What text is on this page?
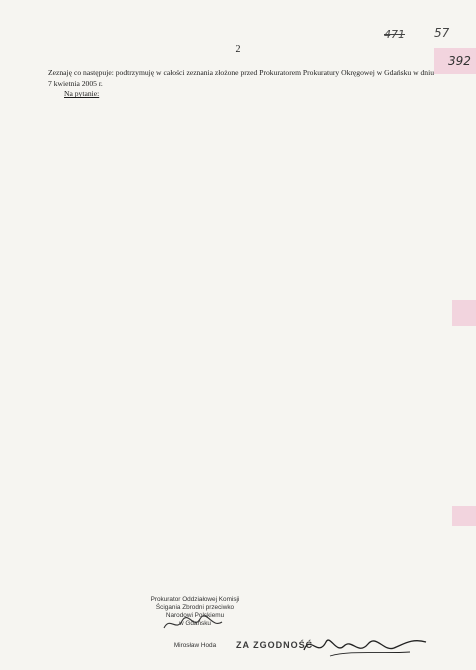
2
471 57
392

Zeznaję co następuje: podtrzymuję w całości zeznania złożone przed Prokuratorem Prokuratury Okręgowej w Gdańsku w dniu 7 kwietnia 2005 r.

Na pytanie:

Prokurator Oddziałowej Komisji
Ścigania Zbrodni przeciwko
Narodowi Polskiemu
w Gdańsku
Mirosław Hoda	ZA ZGODNOŚĆ
